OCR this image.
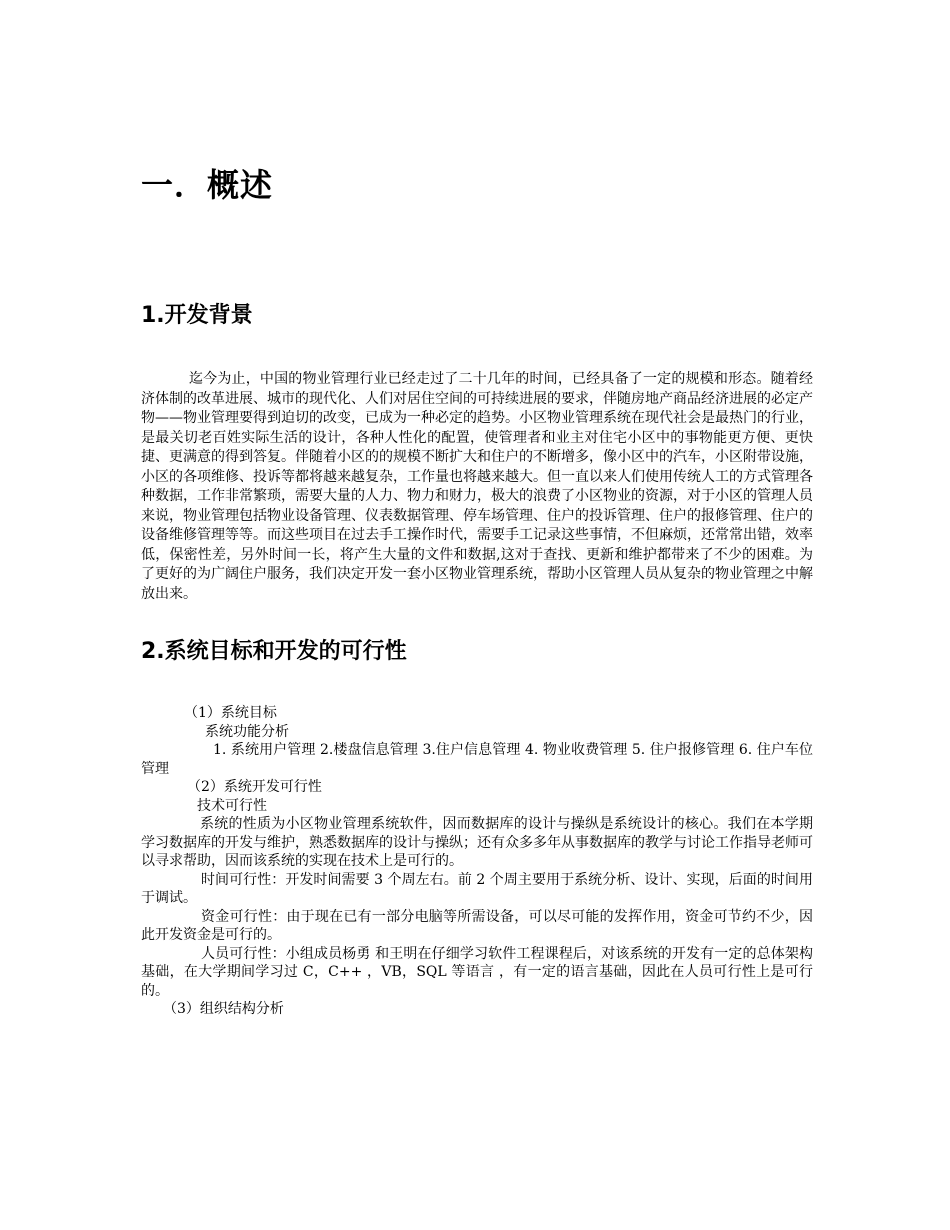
一．概述
1.开发背景

迄今为止，中国的物业管理行业已经走过了二十几年的时间，已经具备了一定的规模和形态。随着经济体制的改革进展、城市的现代化、人们对居住空间的可持续进展的要求，伴随房地产商品经济进展的必定产物——物业管理要得到迫切的改变，已成为一种必定的趋势。小区物业管理系统在现代社会是最热门的行业，是最关切老百姓实际生活的设计，各种人性化的配置，使管理者和业主对住宅小区中的事物能更方便、更快捷、更满意的得到答复。伴随着小区的的规模不断扩大和住户的不断增多，像小区中的汽车，小区附带设施，小区的各项维修、投诉等都将越来越复杂，工作量也将越来越大。但一直以来人们使用传统人工的方式管理各种数据，工作非常繁琐，需要大量的人力、物力和财力，极大的浪费了小区物业的资源，对于小区的管理人员来说，物业管理包括物业设备管理、仪表数据管理、停车场管理、住户的投诉管理、住户的报修管理、住户的设备维修管理等等。而这些项目在过去手工操作时代，需要手工记录这些事情，不但麻烦，还常常出错，效率低，保密性差，另外时间一长，将产生大量的文件和数据,这对于查找、更新和维护都带来了不少的困难。为了更好的为广阔住户服务，我们决定开发一套小区物业管理系统，帮助小区管理人员从复杂的物业管理之中解放出来。

2.系统目标和开发的可行性

（1）系统目标

系统功能分析

1. 系统用户管理 2.楼盘信息管理 3.住户信息管理 4. 物业收费管理 5. 住户报修管理 6. 住户车位管理

（2）系统开发可行性

技术可行性

系统的性质为小区物业管理系统软件，因而数据库的设计与操纵是系统设计的核心。我们在本学期学习数据库的开发与维护，熟悉数据库的设计与操纵；还有众多多年从事数据库的教学与讨论工作指导老师可以寻求帮助，因而该系统的实现在技术上是可行的。

时间可行性：开发时间需要 3 个周左右。前 2 个周主要用于系统分析、设计、实现，后面的时间用于调试。

资金可行性：由于现在已有一部分电脑等所需设备，可以尽可能的发挥作用，资金可节约不少，因此开发资金是可行的。

人员可行性：小组成员杨勇 和王明在仔细学习软件工程课程后，对该系统的开发有一定的总体架构基础，在大学期间学习过 C，C++ ，VB，SQL 等语言 ，有一定的语言基础，因此在人员可行性上是可行的。

（3）组织结构分析
